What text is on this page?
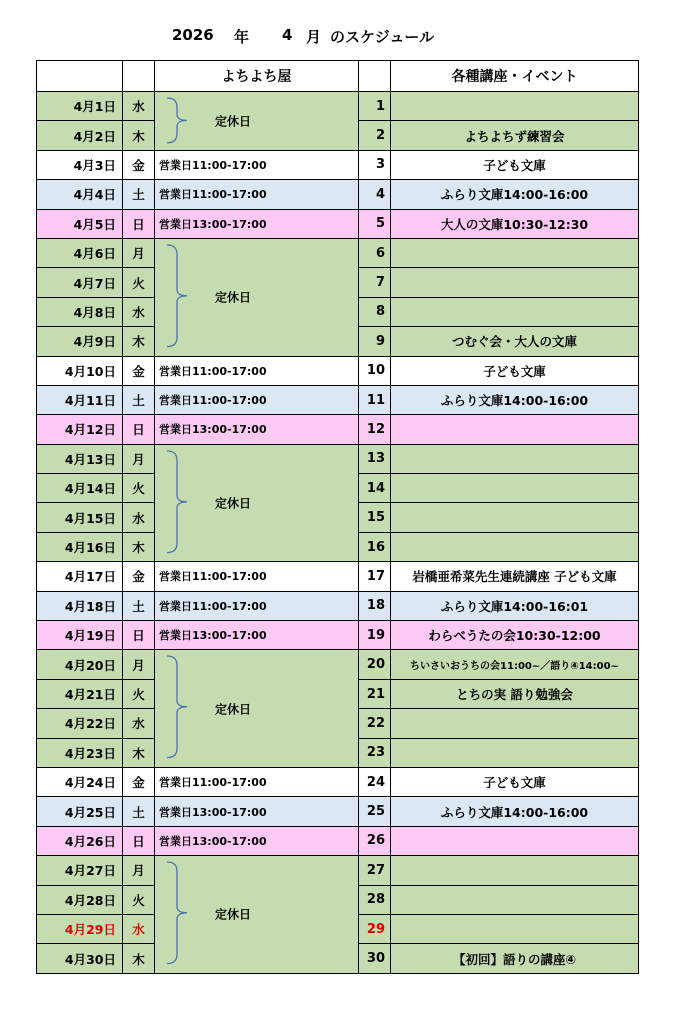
2026 年 4 月 のスケジュール
		よちよち屋		各種講座・イベント
4月1日	水	定休日	1	
4月2日	木		2	よちよちず練習会
4月3日	金	営業日11:00-17:00	3	子ども文庫
4月4日	土	営業日11:00-17:00	4	ふらり文庫14:00-16:00
4月5日	日	営業日13:00-17:00	5	大人の文庫10:30-12:30
4月6日	月	定休日	6	
4月7日	火		7	
4月8日	水		8	
4月9日	木		9	つむぐ会・大人の文庫
4月10日	金	営業日11:00-17:00	10	子ども文庫
4月11日	土	営業日11:00-17:00	11	ふらり文庫14:00-16:00
4月12日	日	営業日13:00-17:00	12	
4月13日	月	定休日	13	
4月14日	火		14	
4月15日	水		15	
4月16日	木		16	
4月17日	金	営業日11:00-17:00	17	岩橋亜希菜先生連続講座 子ども文庫
4月18日	土	営業日11:00-17:00	18	ふらり文庫14:00-16:01
4月19日	日	営業日13:00-17:00	19	わらべうたの会10:30-12:00
4月20日	月	定休日	20	ちいさいおうちの会11:00~／語り④14:00~
4月21日	火		21	とちの実 語り勉強会
4月22日	水		22	
4月23日	木		23	
4月24日	金	営業日11:00-17:00	24	子ども文庫
4月25日	土	営業日13:00-17:00	25	ふらり文庫14:00-16:00
4月26日	日	営業日13:00-17:00	26	
4月27日	月	定休日	27	
4月28日	火		28	
4月29日	水		29	
4月30日	木		30	【初回】語りの講座④
